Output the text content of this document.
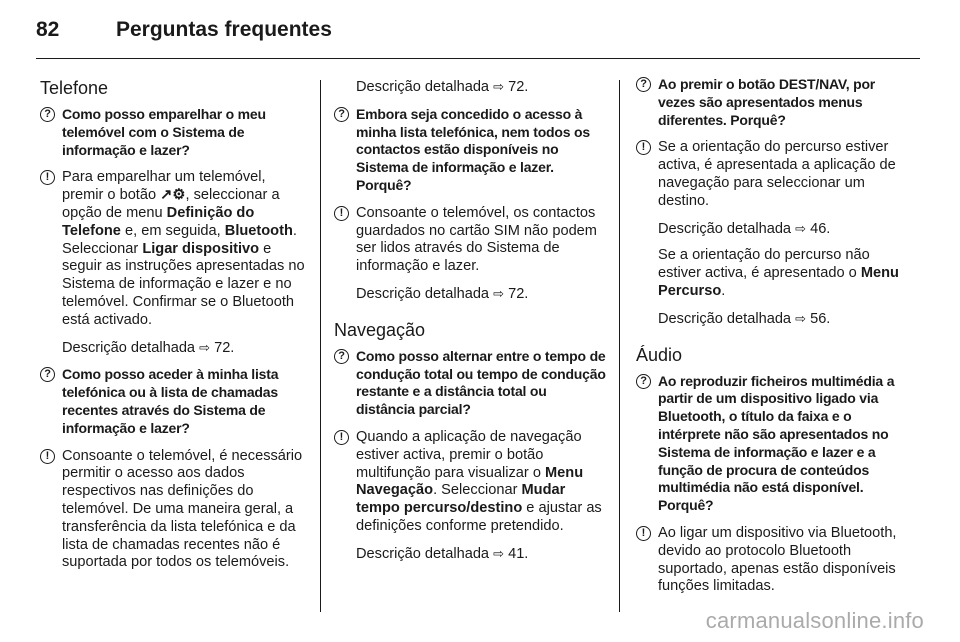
82	Perguntas frequentes
Telefone
? Como posso emparelhar o meu telemóvel com o Sistema de informação e lazer?
! Para emparelhar um telemóvel, premir o botão ↗⚙, seleccionar a opção de menu Definição do Telefone e, em seguida, Bluetooth. Seleccionar Ligar dispositivo e seguir as instruções apresentadas no Sistema de informação e lazer e no telemóvel. Confirmar se o Bluetooth está activado.
Descrição detalhada ⇨ 72.
? Como posso aceder à minha lista telefónica ou à lista de chamadas recentes através do Sistema de informação e lazer?
! Consoante o telemóvel, é necessário permitir o acesso aos dados respectivos nas definições do telemóvel. De uma maneira geral, a transferência da lista telefónica e da lista de chamadas recentes não é suportada por todos os telemóveis.
Descrição detalhada ⇨ 72.
? Embora seja concedido o acesso à minha lista telefónica, nem todos os contactos estão disponíveis no Sistema de informação e lazer. Porquê?
! Consoante o telemóvel, os contactos guardados no cartão SIM não podem ser lidos através do Sistema de informação e lazer.
Descrição detalhada ⇨ 72.
Navegação
? Como posso alternar entre o tempo de condução total ou tempo de condução restante e a distância total ou distância parcial?
! Quando a aplicação de navegação estiver activa, premir o botão multifunção para visualizar o Menu Navegação. Seleccionar Mudar tempo percurso/destino e ajustar as definições conforme pretendido.
Descrição detalhada ⇨ 41.
? Ao premir o botão DEST/NAV, por vezes são apresentados menus diferentes. Porquê?
! Se a orientação do percurso estiver activa, é apresentada a aplicação de navegação para seleccionar um destino.
Descrição detalhada ⇨ 46.
Se a orientação do percurso não estiver activa, é apresentado o Menu Percurso.
Descrição detalhada ⇨ 56.
Áudio
? Ao reproduzir ficheiros multimédia a partir de um dispositivo ligado via Bluetooth, o título da faixa e o intérprete não são apresentados no Sistema de informação e lazer e a função de procura de conteúdos multimédia não está disponível. Porquê?
! Ao ligar um dispositivo via Bluetooth, devido ao protocolo Bluetooth suportado, apenas estão disponíveis funções limitadas.
carmanualsonline.info
